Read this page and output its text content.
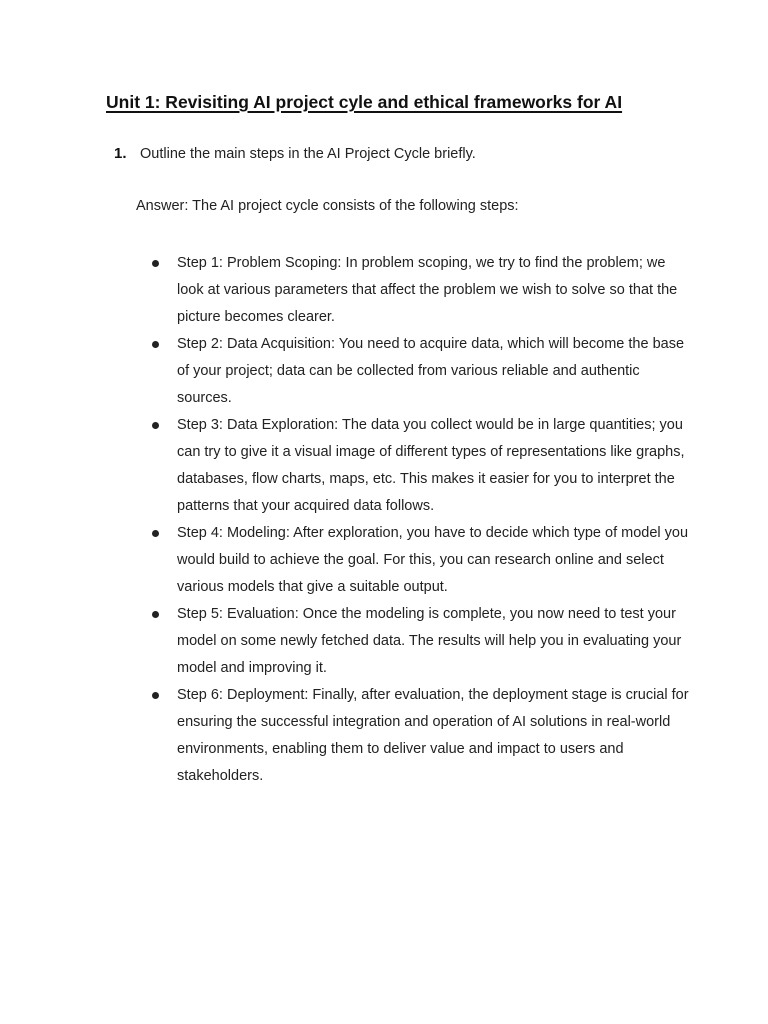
Unit 1: Revisiting AI project cyle and ethical frameworks for AI
1. Outline the main steps in the AI Project Cycle briefly.
Answer: The AI project cycle consists of the following steps:
Step 1: Problem Scoping: In problem scoping, we try to find the problem; we look at various parameters that affect the problem we wish to solve so that the picture becomes clearer.
Step 2: Data Acquisition: You need to acquire data, which will become the base of your project; data can be collected from various reliable and authentic sources.
Step 3: Data Exploration: The data you collect would be in large quantities; you can try to give it a visual image of different types of representations like graphs, databases, flow charts, maps, etc. This makes it easier for you to interpret the patterns that your acquired data follows.
Step 4: Modeling: After exploration, you have to decide which type of model you would build to achieve the goal. For this, you can research online and select various models that give a suitable output.
Step 5: Evaluation: Once the modeling is complete, you now need to test your model on some newly fetched data. The results will help you in evaluating your model and improving it.
Step 6: Deployment: Finally, after evaluation, the deployment stage is crucial for ensuring the successful integration and operation of AI solutions in real-world environments, enabling them to deliver value and impact to users and stakeholders.
